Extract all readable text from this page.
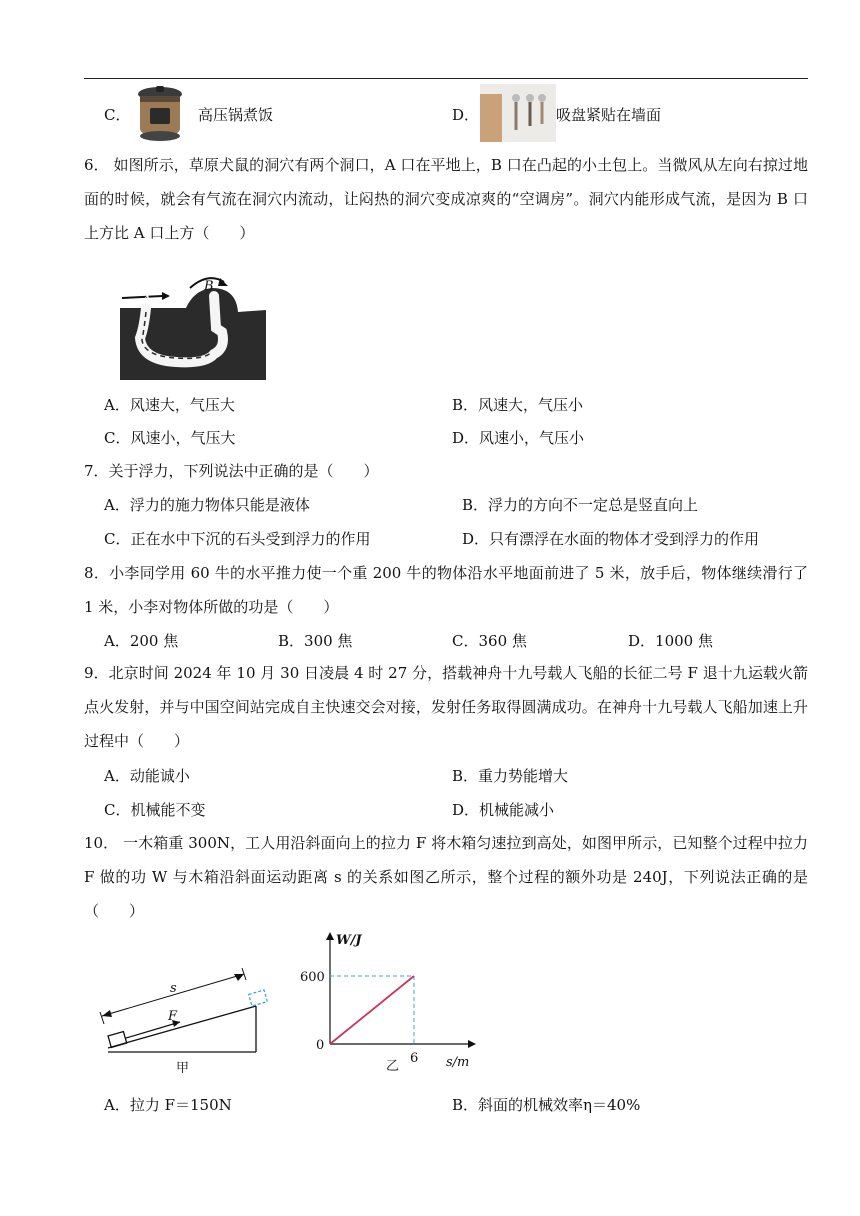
C．	高压锅煮饭	D．	吸盘紧贴在墙面
6． 如图所示，草原犬鼠的洞穴有两个洞口，A 口在平地上，B 口在凸起的小土包上。当微风从左向右掠过地面的时候，就会有气流在洞穴内流动，让闷热的洞穴变成凉爽的“空调房”。洞穴内能形成气流，是因为 B 口上方比 A 口上方（　　）
A
B
A．风速大，气压大	B．风速大，气压小
C．风速小，气压大	D．风速小，气压小
7．关于浮力，下列说法中正确的是（　　）
A．浮力的施力物体只能是液体	B．浮力的方向不一定总是竖直向上
C．正在水中下沉的石头受到浮力的作用	D．只有漂浮在水面的物体才受到浮力的作用
8．小李同学用 60 牛的水平推力使一个重 200 牛的物体沿水平地面前进了 5 米，放手后，物体继续滑行了 1 米，小李对物体所做的功是（　　）
A．200 焦	B．300 焦	C．360 焦	D．1000 焦
9．北京时间 2024 年 10 月 30 日凌晨 4 时 27 分，搭载神舟十九号载人飞船的长征二号 F 退十九运载火箭点火发射，并与中国空间站完成自主快速交会对接，发射任务取得圆满成功。在神舟十九号载人飞船加速上升过程中（　　）
A．动能诚小	B．重力势能增大
C．机械能不变	D．机械能减小
10． 一木箱重 300N，工人用沿斜面向上的拉力 F 将木箱匀速拉到高处，如图甲所示，已知整个过程中拉力 F 做的功 W 与木箱沿斜面运动距离 s 的关系如图乙所示，整个过程的额外功是 240J，下列说法正确的是（　　）
s
F
甲
W/J
s/m
600
6
0
乙
A．拉力 F＝150N	B．斜面的机械效率η＝40%
